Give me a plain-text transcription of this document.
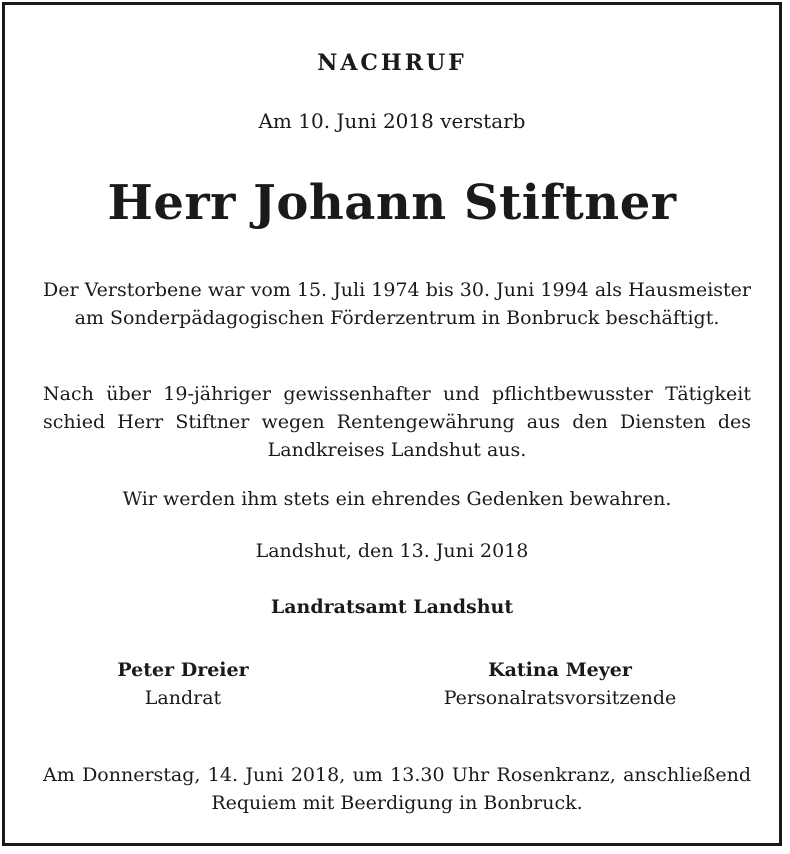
NACHRUF
Am 10. Juni 2018 verstarb
Herr Johann Stiftner
Der Verstorbene war vom 15. Juli 1974 bis 30. Juni 1994 als Hausmeister am Sonderpädagogischen Förderzentrum in Bonbruck beschäftigt.
Nach über 19-jähriger gewissenhafter und pflichtbewusster Tätigkeit schied Herr Stiftner wegen Rentengewährung aus den Diensten des Landkreises Landshut aus.
Wir werden ihm stets ein ehrendes Gedenken bewahren.
Landshut, den 13. Juni 2018
Landratsamt Landshut
Peter Dreier
Landrat
Katina Meyer
Personalratsvorsitzende
Am Donnerstag, 14. Juni 2018, um 13.30 Uhr Rosenkranz, anschließend Requiem mit Beerdigung in Bonbruck.
